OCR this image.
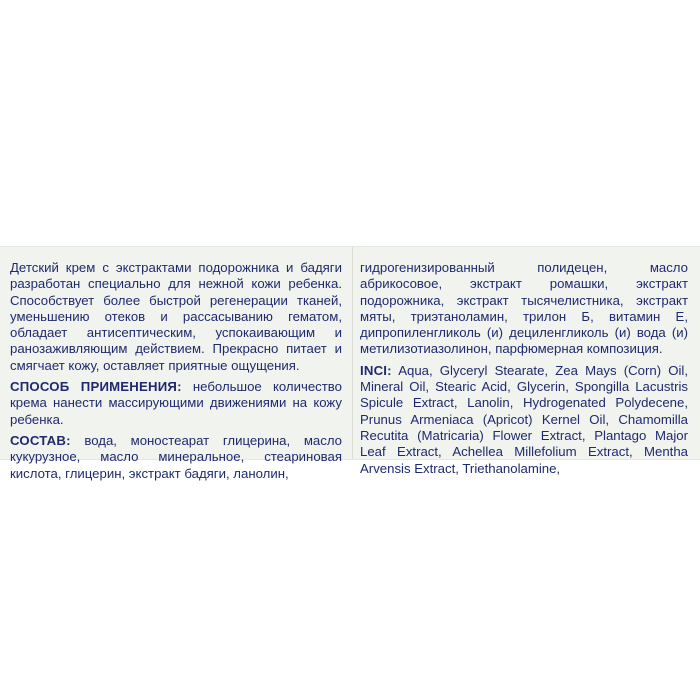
Детский крем с экстрактами подорожника и бадяги разработан специально для нежной кожи ребенка. Способствует более быстрой регенерации тканей, уменьшению отеков и рассасыванию гематом, обладает антисептическим, успокаивающим и ранозаживляющим действием. Прекрасно питает и смягчает кожу, оставляет приятные ощущения.

СПОСОБ ПРИМЕНЕНИЯ: небольшое количество крема нанести массирующими движениями на кожу ребенка.

СОСТАВ: вода, моностеарат глицерина, масло кукурузное, масло минеральное, стеариновая кислота, глицерин, экстракт бадяги, ланолин,

гидрогенизированный полидецен, масло абрикосовое, экстракт ромашки, экстракт подорожника, экстракт тысячелистника, экстракт мяты, триэтаноламин, трилон Б, витамин Е, дипропиленгликоль (и) дециленгликоль (и) вода (и) метилизотиазолинон, парфюмерная композиция.

INCI: Aqua, Glyceryl Stearate, Zea Mays (Corn) Oil, Mineral Oil, Stearic Acid, Glycerin, Spongilla Lacustris Spicule Extract, Lanolin, Hydrogenated Polydecene, Prunus Armeniaca (Apricot) Kernel Oil, Chamomilla Recutita (Matricaria) Flower Extract, Plantago Major Leaf Extract, Achellea Millefolium Extract, Mentha Arvensis Extract, Triethanolamine,
